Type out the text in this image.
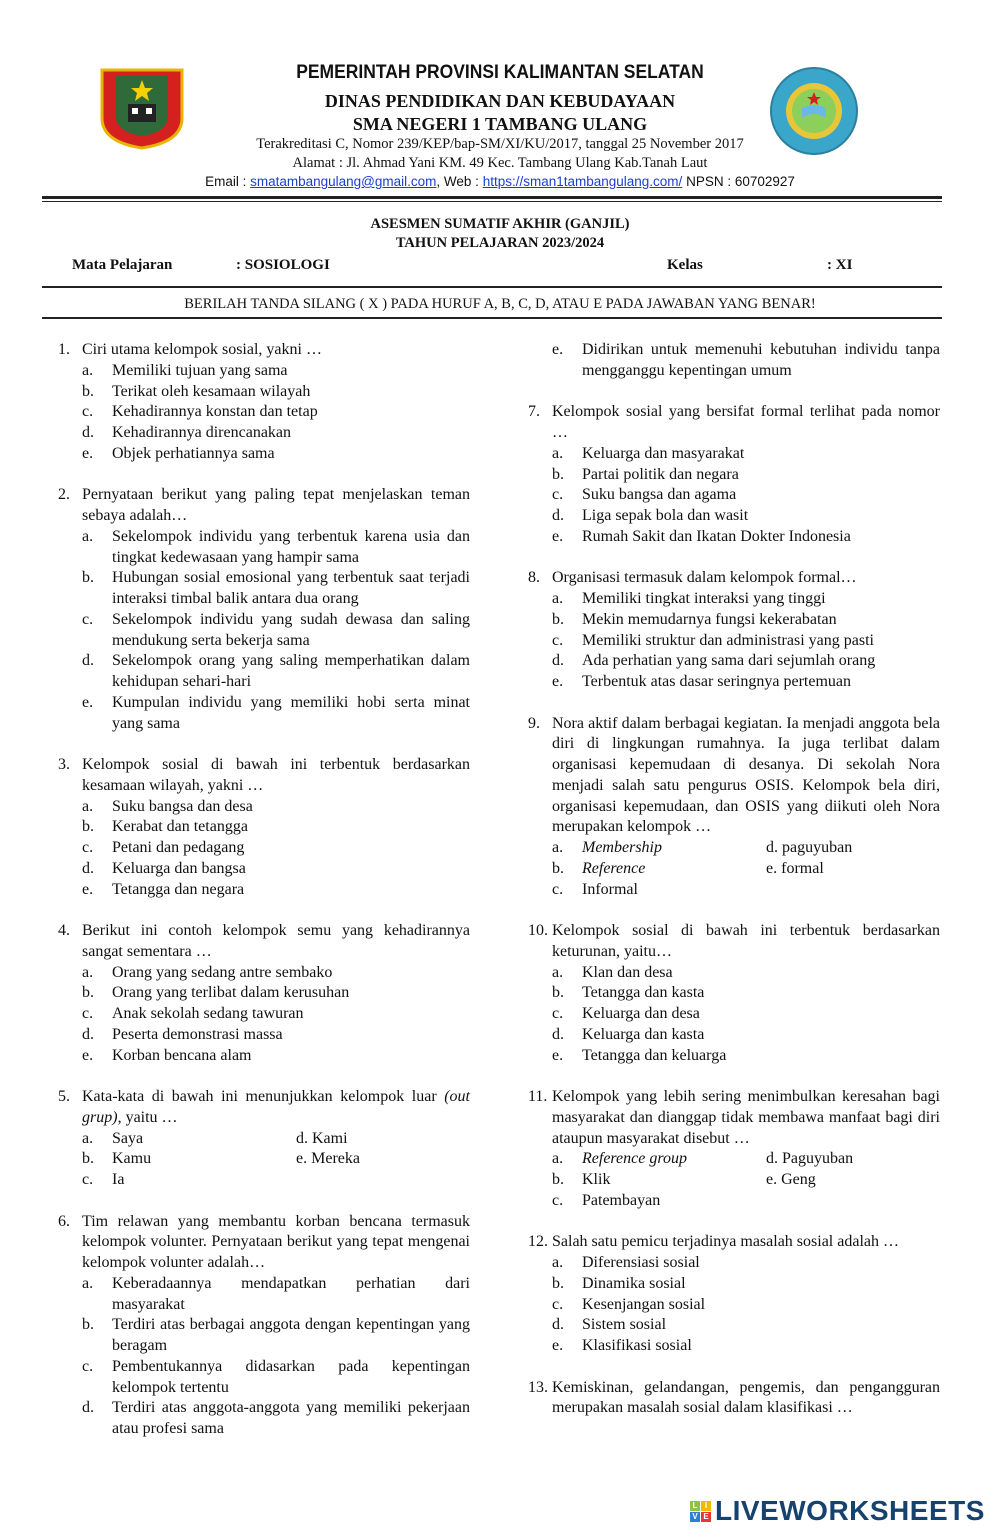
PEMERINTAH PROVINSI KALIMANTAN SELATAN
DINAS PENDIDIKAN DAN KEBUDAYAAN
SMA NEGERI 1 TAMBANG ULANG
Terakreditasi C, Nomor 239/KEP/bap-SM/XI/KU/2017, tanggal 25 November 2017
Alamat : Jl. Ahmad Yani KM. 49 Kec. Tambang Ulang Kab.Tanah Laut
Email : smatambangulang@gmail.com, Web : https://sman1tambangulang.com/ NPSN : 60702927
ASESMEN SUMATIF AKHIR (GANJIL)
TAHUN PELAJARAN 2023/2024
Mata Pelajaran	: SOSIOLOGI	Kelas	: XI
BERILAH TANDA SILANG ( X ) PADA HURUF A, B, C, D, ATAU E PADA JAWABAN YANG BENAR!
1. Ciri utama kelompok sosial, yakni …
a. Memiliki tujuan yang sama
b. Terikat oleh kesamaan wilayah
c. Kehadirannya konstan dan tetap
d. Kehadirannya direncanakan
e. Objek perhatiannya sama
2. Pernyataan berikut yang paling tepat menjelaskan teman sebaya adalah…
a. Sekelompok individu yang terbentuk karena usia dan tingkat kedewasaan yang hampir sama
b. Hubungan sosial emosional yang terbentuk saat terjadi interaksi timbal balik antara dua orang
c. Sekelompok individu yang sudah dewasa dan saling mendukung serta bekerja sama
d. Sekelompok orang yang saling memperhatikan dalam kehidupan sehari-hari
e. Kumpulan individu yang memiliki hobi serta minat yang sama
3. Kelompok sosial di bawah ini terbentuk berdasarkan kesamaan wilayah, yakni …
a. Suku bangsa dan desa
b. Kerabat dan tetangga
c. Petani dan pedagang
d. Keluarga dan bangsa
e. Tetangga dan negara
4. Berikut ini contoh kelompok semu yang kehadirannya sangat sementara …
a. Orang yang sedang antre sembako
b. Orang yang terlibat dalam kerusuhan
c. Anak sekolah sedang tawuran
d. Peserta demonstrasi massa
e. Korban bencana alam
5. Kata-kata di bawah ini menunjukkan kelompok luar (out grup), yaitu …
a. Saya	d. Kami
b. Kamu	e. Mereka
c. Ia
6. Tim relawan yang membantu korban bencana termasuk kelompok volunter. Pernyataan berikut yang tepat mengenai kelompok volunter adalah…
a. Keberadaannya mendapatkan perhatian dari masyarakat
b. Terdiri atas berbagai anggota dengan kepentingan yang beragam
c. Pembentukannya didasarkan pada kepentingan kelompok tertentu
d. Terdiri atas anggota-anggota yang memiliki pekerjaan atau profesi sama
e. Didirikan untuk memenuhi kebutuhan individu tanpa mengganggu kepentingan umum
7. Kelompok sosial yang bersifat formal terlihat pada nomor …
a. Keluarga dan masyarakat
b. Partai politik dan negara
c. Suku bangsa dan agama
d. Liga sepak bola dan wasit
e. Rumah Sakit dan Ikatan Dokter Indonesia
8. Organisasi termasuk dalam kelompok formal…
a. Memiliki tingkat interaksi yang tinggi
b. Mekin memudarnya fungsi kekerabatan
c. Memiliki struktur dan administrasi yang pasti
d. Ada perhatian yang sama dari sejumlah orang
e. Terbentuk atas dasar seringnya pertemuan
9. Nora aktif dalam berbagai kegiatan. Ia menjadi anggota bela diri di lingkungan rumahnya. Ia juga terlibat dalam organisasi kepemudaan di desanya. Di sekolah Nora menjadi salah satu pengurus OSIS. Kelompok bela diri, organisasi kepemudaan, dan OSIS yang diikuti oleh Nora merupakan kelompok …
a. Membership	d. paguyuban
b. Reference	e. formal
c. Informal
10. Kelompok sosial di bawah ini terbentuk berdasarkan keturunan, yaitu…
a. Klan dan desa
b. Tetangga dan kasta
c. Keluarga dan desa
d. Keluarga dan kasta
e. Tetangga dan keluarga
11. Kelompok yang lebih sering menimbulkan keresahan bagi masyarakat dan dianggap tidak membawa manfaat bagi diri ataupun masyarakat disebut …
a. Reference group	d. Paguyuban
b. Klik	e. Geng
c. Patembayan
12. Salah satu pemicu terjadinya masalah sosial adalah …
a. Diferensiasi sosial
b. Dinamika sosial
c. Kesenjangan sosial
d. Sistem sosial
e. Klasifikasi sosial
13. Kemiskinan, gelandangan, pengemis, dan pengangguran merupakan masalah sosial dalam klasifikasi …
L I
V E LIVEWORKSHEETS
